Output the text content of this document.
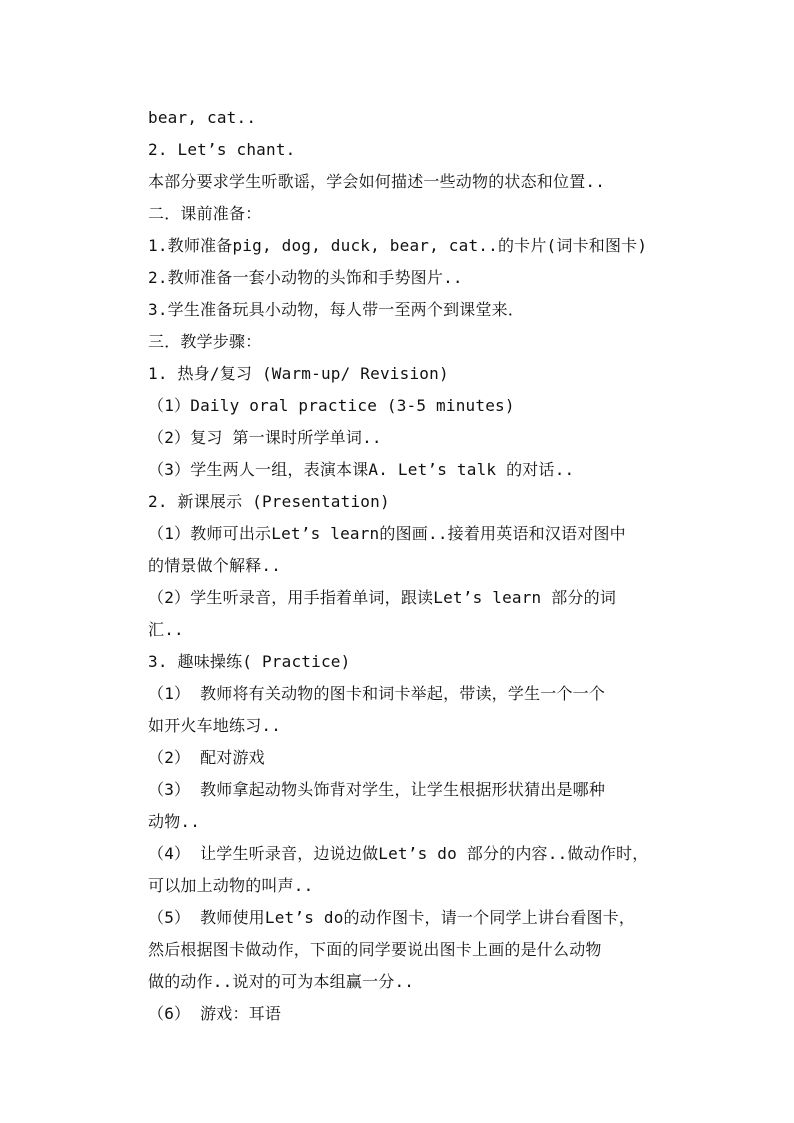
bear, cat..
2. Let’s chant.
本部分要求学生听歌谣，学会如何描述一些动物的状态和位置..
二．课前准备：
1.教师准备pig, dog, duck, bear, cat..的卡片(词卡和图卡)
2.教师准备一套小动物的头饰和手势图片..
3.学生准备玩具小动物，每人带一至两个到课堂来．
三．教学步骤：
1. 热身/复习 (Warm-up/ Revision)
（1）Daily oral practice (3-5 minutes)
（2）复习 第一课时所学单词..
（3）学生两人一组，表演本课A. Let’s talk 的对话..
2. 新课展示 (Presentation)
（1）教师可出示Let’s learn的图画..接着用英语和汉语对图中
的情景做个解释..
（2）学生听录音，用手指着单词，跟读Let’s learn 部分的词
汇..
3. 趣味操练( Practice)
（1） 教师将有关动物的图卡和词卡举起，带读，学生一个一个
如开火车地练习..
（2） 配对游戏
（3） 教师拿起动物头饰背对学生，让学生根据形状猜出是哪种
动物..
（4） 让学生听录音，边说边做Let’s do 部分的内容..做动作时，
可以加上动物的叫声..
（5） 教师使用Let’s do的动作图卡，请一个同学上讲台看图卡，
然后根据图卡做动作，下面的同学要说出图卡上画的是什么动物
做的动作..说对的可为本组赢一分..
（6） 游戏：耳语
